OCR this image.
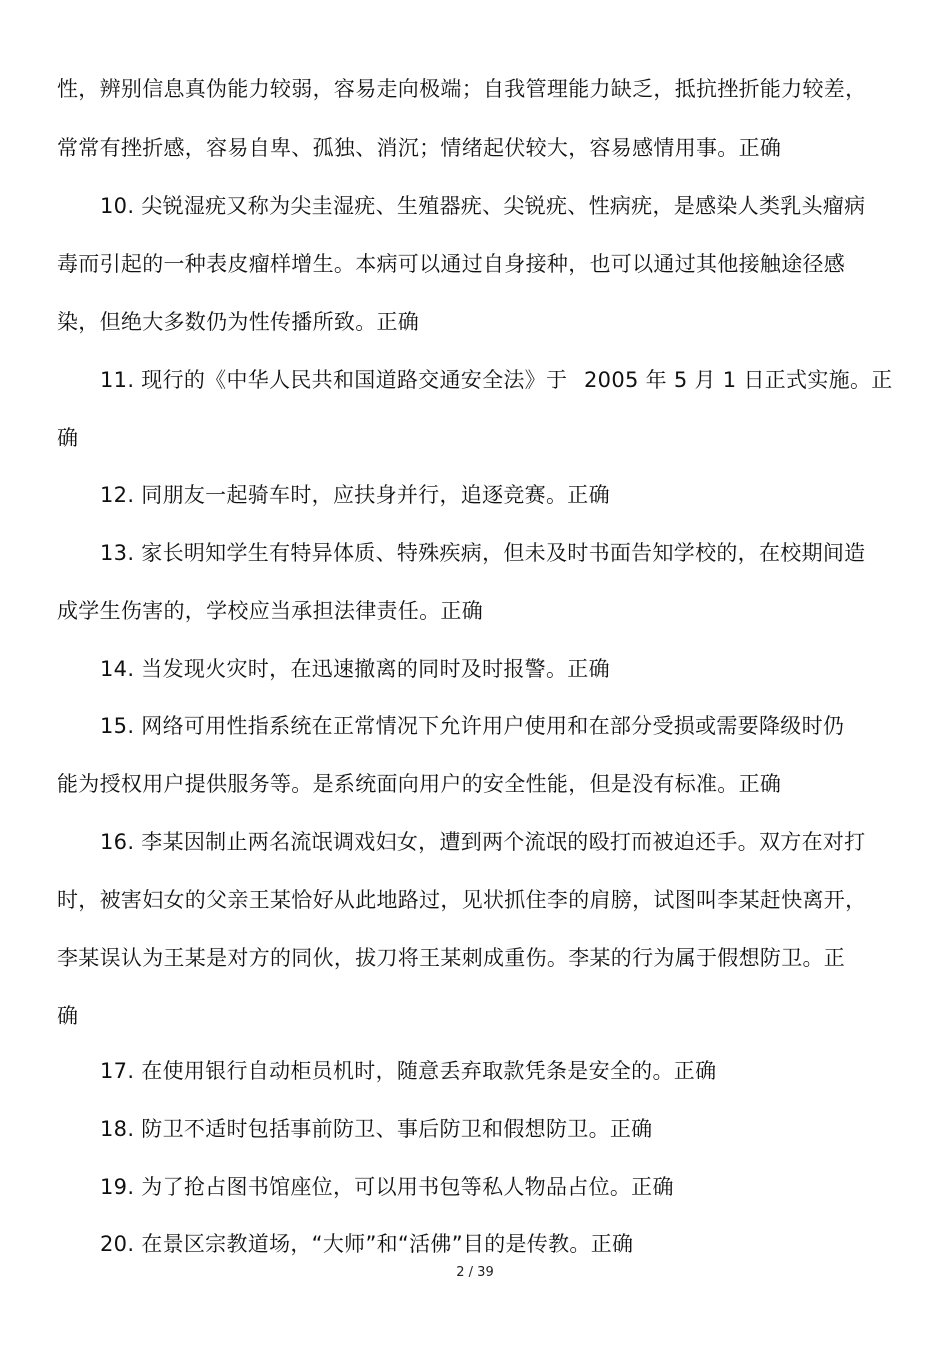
性，辨别信息真伪能力较弱，容易走向极端；自我管理能力缺乏，抵抗挫折能力较差，
常常有挫折感，容易自卑、孤独、消沉；情绪起伏较大，容易感情用事。正确
10. 尖锐湿疣又称为尖圭湿疣、生殖器疣、尖锐疣、性病疣，是感染人类乳头瘤病
毒而引起的一种表皮瘤样增生。本病可以通过自身接种，也可以通过其他接触途径感
染，但绝大多数仍为性传播所致。正确
11. 现行的《中华人民共和国道路交通安全法》于 2005 年 5 月 1 日正式实施。正
确
12. 同朋友一起骑车时，应扶身并行，追逐竞赛。正确
13. 家长明知学生有特异体质、特殊疾病，但未及时书面告知学校的，在校期间造
成学生伤害的，学校应当承担法律责任。正确
14. 当发现火灾时，在迅速撤离的同时及时报警。正确
15. 网络可用性指系统在正常情况下允许用户使用和在部分受损或需要降级时仍
能为授权用户提供服务等。是系统面向用户的安全性能，但是没有标准。正确
16. 李某因制止两名流氓调戏妇女，遭到两个流氓的殴打而被迫还手。双方在对打
时，被害妇女的父亲王某恰好从此地路过，见状抓住李的肩膀，试图叫李某赶快离开，
李某误认为王某是对方的同伙，拔刀将王某刺成重伤。李某的行为属于假想防卫。正
确
17. 在使用银行自动柜员机时，随意丢弃取款凭条是安全的。正确
18. 防卫不适时包括事前防卫、事后防卫和假想防卫。正确
19. 为了抢占图书馆座位，可以用书包等私人物品占位。正确
20. 在景区宗教道场，“大师”和“活佛”目的是传教。正确
2 / 39
